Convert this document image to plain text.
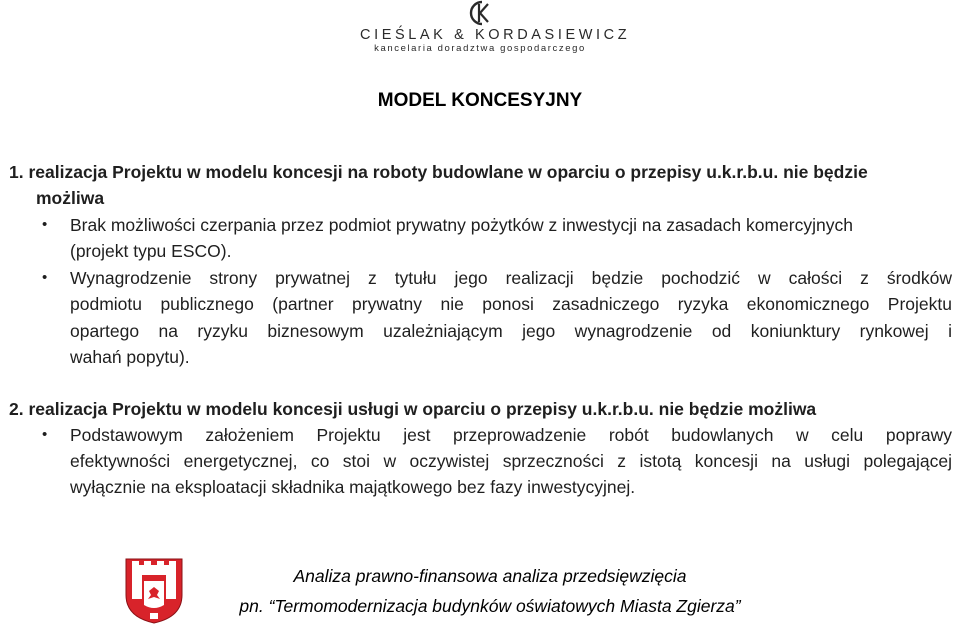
CIEŚLAK & KORDASIEWICZ
kancelaria doradztwa gospodarczego
MODEL KONCESYJNY
1. realizacja Projektu w modelu koncesji na roboty budowlane w oparciu o przepisy u.k.r.b.u. nie będzie
możliwa
• Brak możliwości czerpania przez podmiot prywatny pożytków z inwestycji na zasadach komercyjnych
(projekt typu ESCO).
• Wynagrodzenie strony prywatnej z tytułu jego realizacji będzie pochodzić w całości z środków
podmiotu publicznego (partner prywatny nie ponosi zasadniczego ryzyka ekonomicznego Projektu
opartego na ryzyku biznesowym uzależniającym jego wynagrodzenie od koniunktury rynkowej i
wahań popytu).
2. realizacja Projektu w modelu koncesji usługi w oparciu o przepisy u.k.r.b.u. nie będzie możliwa
• Podstawowym założeniem Projektu jest przeprowadzenie robót budowlanych w celu poprawy
efektywności energetycznej, co stoi w oczywistej sprzeczności z istotą koncesji na usługi polegającej
wyłącznie na eksploatacji składnika majątkowego bez fazy inwestycyjnej.
Analiza prawno-finansowa analiza przedsięwzięcia
pn. “Termomodernizacja budynków oświatowych Miasta Zgierza”
